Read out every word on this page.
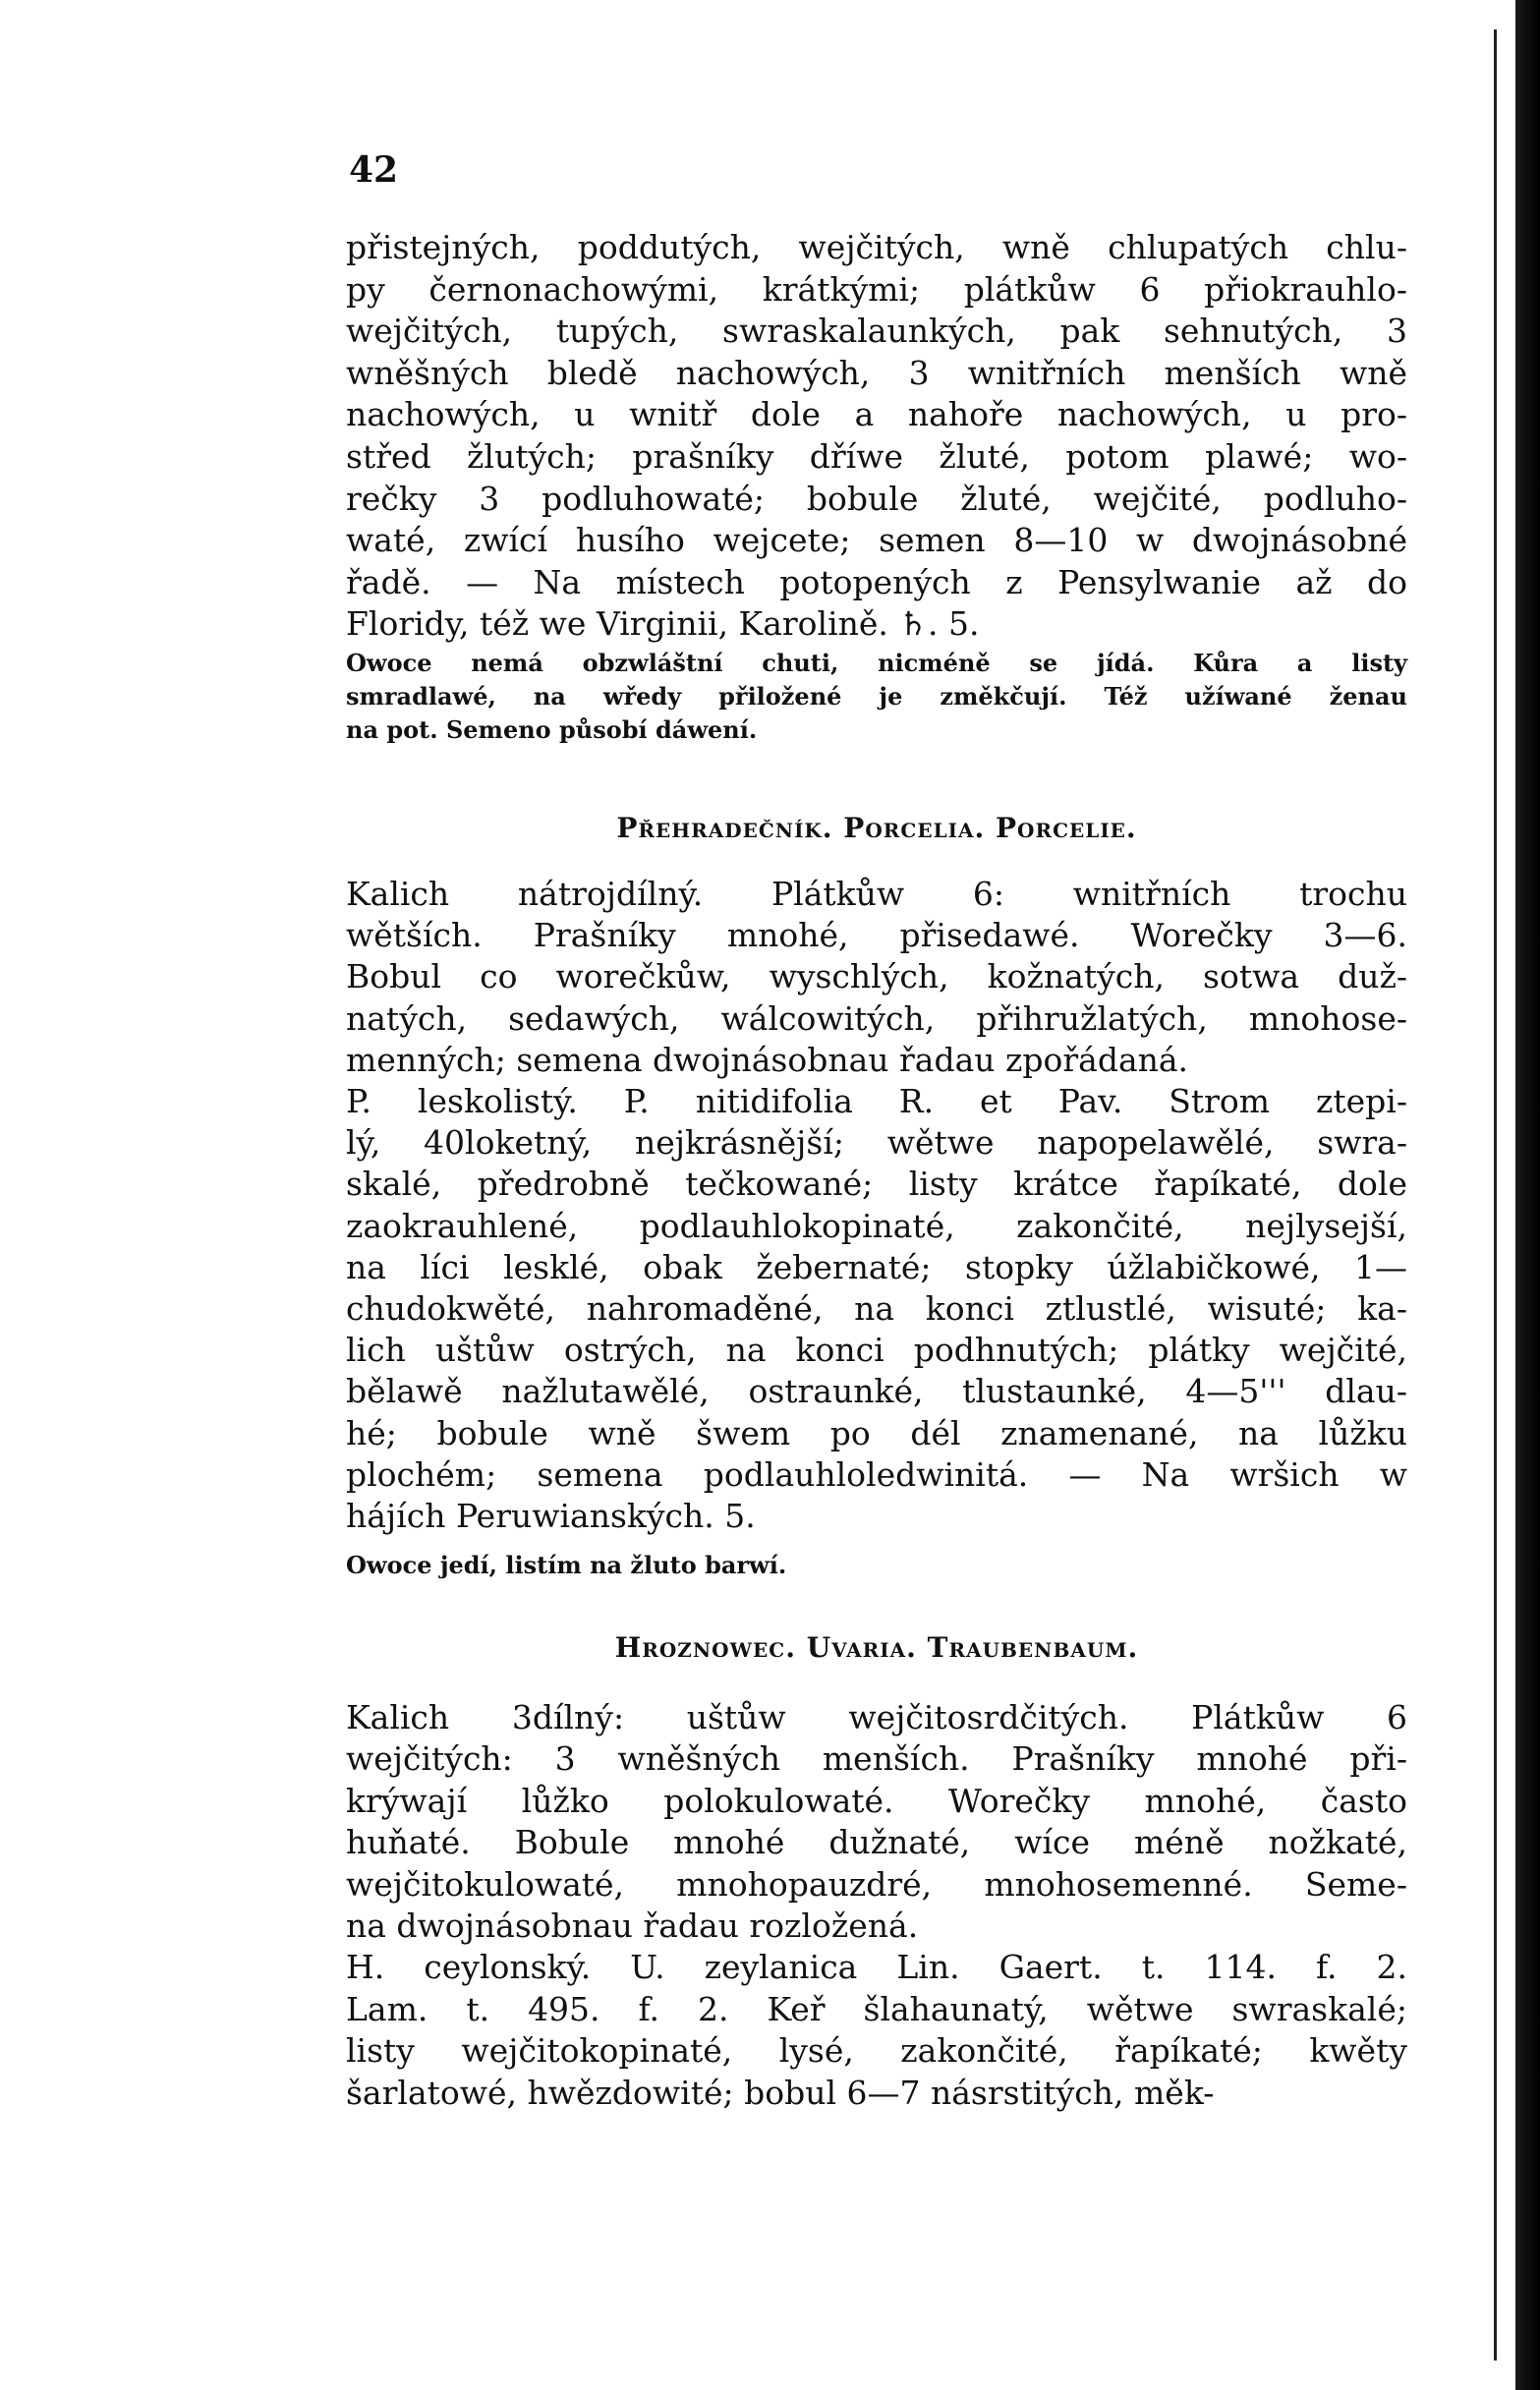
42
přistejných, poddutých, wejčitých, wně chlupatých chlu-
py černonachowými, krátkými; plátkůw 6 přiokrauhlo-
wejčitých, tupých, swraskalaunkých, pak sehnutých, 3
wněšných bledě nachowých, 3 wnitřních menších wně
nachowých, u wnitř dole a nahoře nachowých, u pro-
střed žlutých; prašníky dříwe žluté, potom plawé; wo-
rečky 3 podluhowaté; bobule žluté, wejčité, podluho-
waté, zwící husího wejcete; semen 8—10 w dwojnásobné
řadě. — Na místech potopených z Pensylwanie až do
Floridy, též we Virginii, Karolině. ♄. 5.
Owoce nemá obzwláštní chuti, nicméně se jídá. Kůra a listy
smradlawé, na wředy přiložené je změkčují. Též užíwané ženau
na pot. Semeno působí dáwení.
Přehradečník. Porcelia. Porcelie.
Kalich nátrojdílný. Plátkůw 6: wnitřních trochu
wětších. Prašníky mnohé, přisedawé. Worečky 3—6.
Bobul co worečkůw, wyschlých, kožnatých, sotwa duž-
natých, sedawých, wálcowitých, přihružlatých, mnohose-
menných; semena dwojnásobnau řadau zpořádaná.
P. leskolistý. P. nitidifolia R. et Pav. Strom ztepi-
lý, 40loketný, nejkrásnější; wětwe napopelawělé, swra-
skalé, předrobně tečkowané; listy krátce řapíkaté, dole
zaokrauhlené, podlauhlokopinaté, zakončité, nejlysejší,
na líci lesklé, obak žebernaté; stopky úžlabičkowé, 1—
chudokwěté, nahromaděné, na konci ztlustlé, wisuté; ka-
lich uštůw ostrých, na konci podhnutých; plátky wejčité,
bělawě nažlutawělé, ostraunké, tlustaunké, 4—5''' dlau-
hé; bobule wně šwem po dél znamenané, na lůžku
plochém; semena podlauhloledwinitá. — Na wršich w
hájích Peruwianských. 5.
Owoce jedí, listím na žluto barwí.
Hroznowec. Uvaria. Traubenbaum.
Kalich 3dílný: uštůw wejčitosrdčitých. Plátkůw 6
wejčitých: 3 wněšných menších. Prašníky mnohé při-
krýwají lůžko polokulowaté. Worečky mnohé, často
huňaté. Bobule mnohé dužnaté, wíce méně nožkaté,
wejčitokulowaté, mnohopauzdré, mnohosemenné. Seme-
na dwojnásobnau řadau rozložená.
H. ceylonský. U. zeylanica Lin. Gaert. t. 114. f. 2.
Lam. t. 495. f. 2. Keř šlahaunatý, wětwe swraskalé;
listy wejčitokopinaté, lysé, zakončité, řapíkaté; kwěty
šarlatowé, hwězdowité; bobul 6—7 násrstitých, měk-
